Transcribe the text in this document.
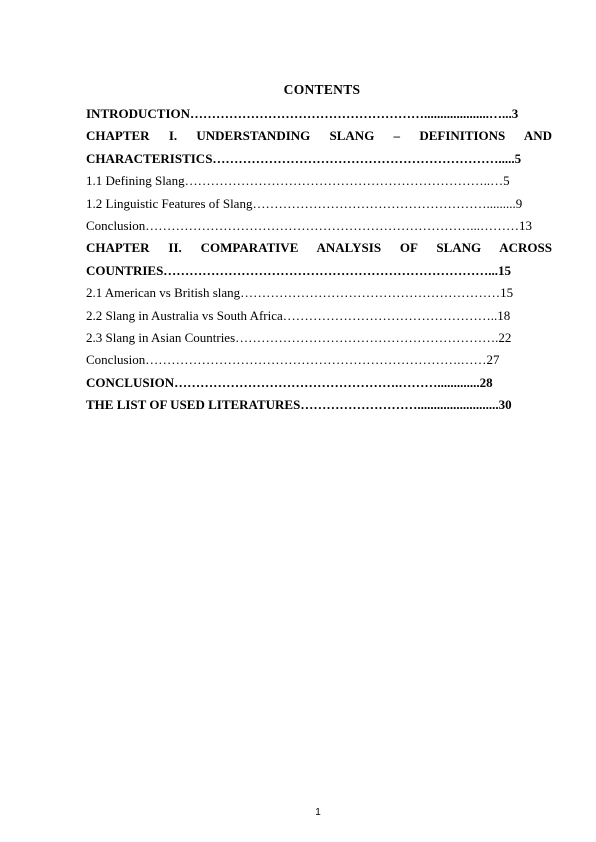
CONTENTS
INTRODUCTION………………………………………………....................…...3
CHAPTER I. UNDERSTANDING SLANG – DEFINITIONS AND
CHARACTERISTICS………………………………………………………….....5
1.1 Defining Slang……………………………………………………………..…5
1.2 Linguistic Features of Slang……………………………………………….........9
Conclusion…………………………………………………………………...………13
CHAPTER II. COMPARATIVE ANALYSIS OF SLANG ACROSS
COUNTRIES…………………………………………………………………...15
2.1 American vs British slang……………………………………………………15
2.2 Slang in Australia vs South Africa…………………………………………..18
2.3 Slang in Asian Countries…………………………………………………….22
Conclusion……………………………………………………………….……27
CONCLUSION…………………………………………….……….............28
THE LIST OF USED LITERATURES……………………….........................30
1
